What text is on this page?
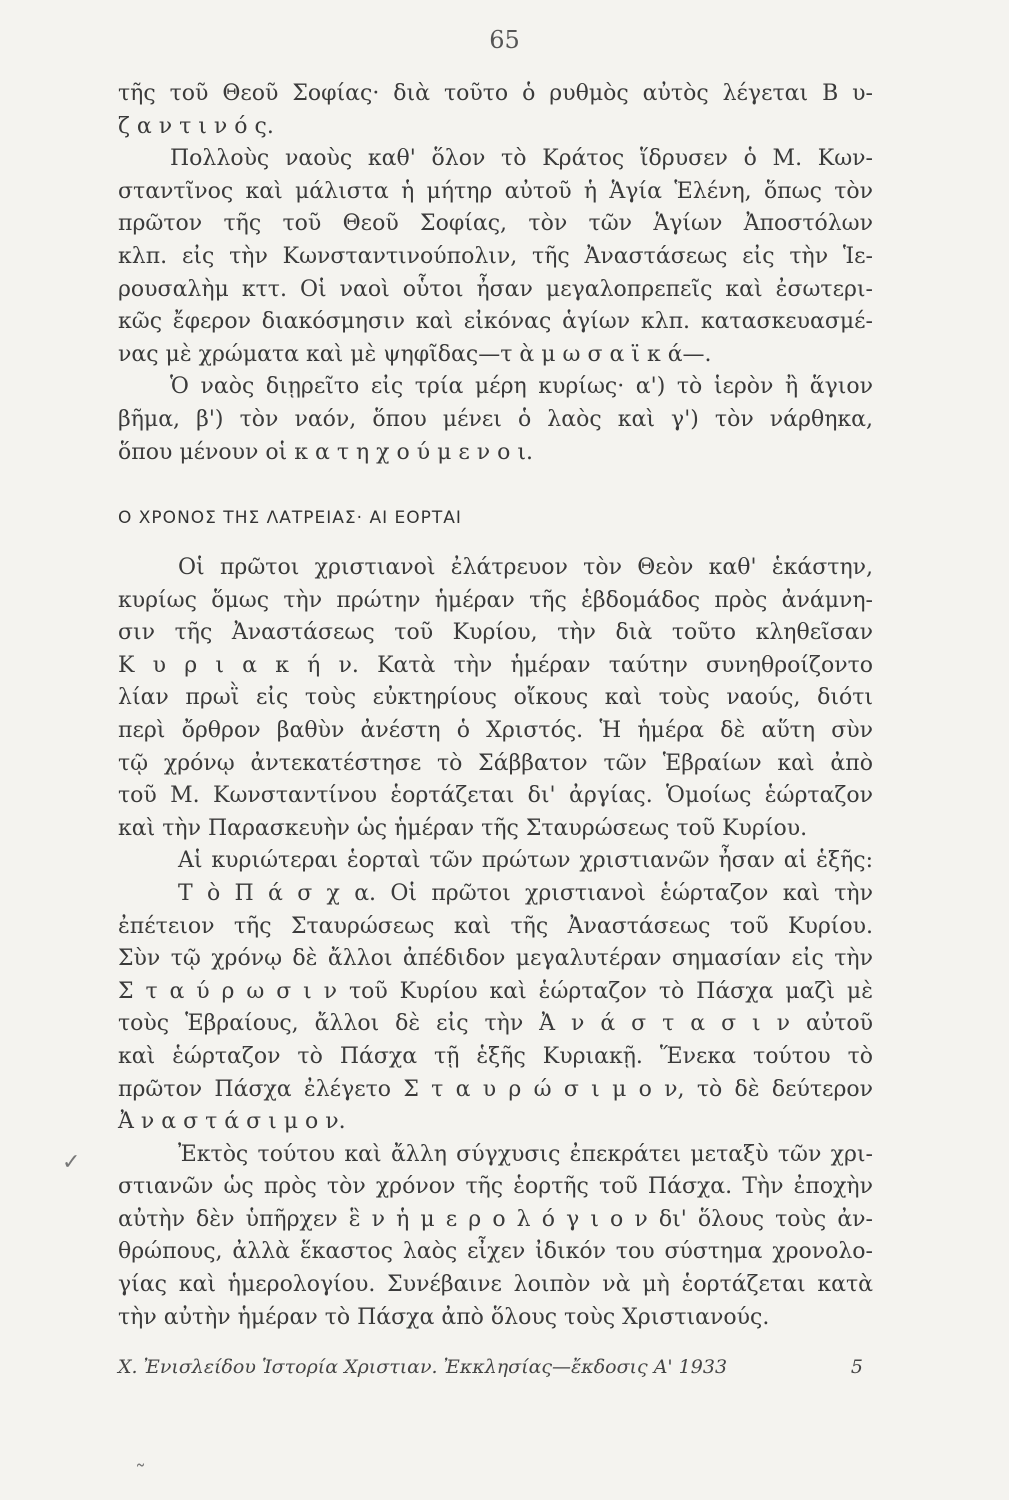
65
τῆς τοῦ Θεοῦ Σοφίας· διὰ τοῦτο ὁ ρυθμὸς αὐτὸς λέγεται Β υ-
ζ α ν τ ι ν ό ς.
Πολλοὺς ναοὺς καθ' ὅλον τὸ Κράτος ἵδρυσεν ὁ Μ. Κων-
σταντῖνος καὶ μάλιστα ἡ μήτηρ αὐτοῦ ἡ Ἁγία Ἑλένη, ὅπως τὸν
πρῶτον τῆς τοῦ Θεοῦ Σοφίας, τὸν τῶν Ἁγίων Ἀποστόλων
κλπ. εἰς τὴν Κωνσταντινούπολιν, τῆς Ἀναστάσεως εἰς τὴν Ἱε-
ρουσαλὴμ κττ. Οἱ ναοὶ οὗτοι ἦσαν μεγαλοπρεπεῖς καὶ ἐσωτερι-
κῶς ἔφερον διακόσμησιν καὶ εἰκόνας ἁγίων κλπ. κατασκευασμέ-
νας μὲ χρώματα καὶ μὲ ψηφῖδας—τ ὰ μ ω σ α ϊ κ ά—.
Ὁ ναὸς διῃρεῖτο εἰς τρία μέρη κυρίως· α') τὸ ἱερὸν ἢ ἅγιον
βῆμα, β') τὸν ναόν, ὅπου μένει ὁ λαὸς καὶ γ') τὸν νάρθηκα,
ὅπου μένουν οἱ κ α τ η χ ο ύ μ ε ν ο ι.
Ο ΧΡΟΝΟΣ ΤΗΣ ΛΑΤΡΕΙΑΣ· ΑΙ ΕΟΡΤΑΙ
Οἱ πρῶτοι χριστιανοὶ ἐλάτρευον τὸν Θεὸν καθ' ἑκάστην,
κυρίως ὅμως τὴν πρώτην ἡμέραν τῆς ἑβδομάδος πρὸς ἀνάμνη-
σιν τῆς Ἀναστάσεως τοῦ Κυρίου, τὴν διὰ τοῦτο κληθεῖσαν
Κ υ ρ ι α κ ή ν. Κατὰ τὴν ἡμέραν ταύτην συνηθροίζοντο
λίαν πρωῒ εἰς τοὺς εὐκτηρίους οἴκους καὶ τοὺς ναούς, διότι
περὶ ὄρθρον βαθὺν ἀνέστη ὁ Χριστός. Ἡ ἡμέρα δὲ αὕτη σὺν
τῷ χρόνῳ ἀντεκατέστησε τὸ Σάββατον τῶν Ἑβραίων καὶ ἀπὸ
τοῦ Μ. Κωνσταντίνου ἑορτάζεται δι' ἀργίας. Ὁμοίως ἑώρταζον
καὶ τὴν Παρασκευὴν ὡς ἡμέραν τῆς Σταυρώσεως τοῦ Κυρίου.
Αἱ κυριώτεραι ἑορταὶ τῶν πρώτων χριστιανῶν ἦσαν αἱ ἑξῆς:
Τ ὸ Π ά σ χ α. Οἱ πρῶτοι χριστιανοὶ ἑώρταζον καὶ τὴν
ἐπέτειον τῆς Σταυρώσεως καὶ τῆς Ἀναστάσεως τοῦ Κυρίου.
Σὺν τῷ χρόνῳ δὲ ἄλλοι ἀπέδιδον μεγαλυτέραν σημασίαν εἰς τὴν
Σ τ α ύ ρ ω σ ι ν τοῦ Κυρίου καὶ ἑώρταζον τὸ Πάσχα μαζὶ μὲ
τοὺς Ἑβραίους, ἄλλοι δὲ εἰς τὴν Ἀ ν ά σ τ α σ ι ν αὐτοῦ
καὶ ἑώρταζον τὸ Πάσχα τῇ ἑξῆς Κυριακῇ. Ἕνεκα τούτου τὸ
πρῶτον Πάσχα ἐλέγετο Σ τ α υ ρ ώ σ ι μ ο ν, τὸ δὲ δεύτερον
Ἀ ν α σ τ ά σ ι μ ο ν.
Ἐκτὸς τούτου καὶ ἄλλη σύγχυσις ἐπεκράτει μεταξὺ τῶν χρι-
στιανῶν ὡς πρὸς τὸν χρόνον τῆς ἑορτῆς τοῦ Πάσχα. Τὴν ἐποχὴν
αὐτὴν δὲν ὑπῆρχεν ἓ ν ἡ μ ε ρ ο λ ό γ ι ο ν δι' ὅλους τοὺς ἀν-
θρώπους, ἀλλὰ ἕκαστος λαὸς εἶχεν ἰδικόν του σύστημα χρονολο-
γίας καὶ ἡμερολογίου. Συνέβαινε λοιπὸν νὰ μὴ ἑορτάζεται κατὰ
τὴν αὐτὴν ἡμέραν τὸ Πάσχα ἀπὸ ὅλους τοὺς Χριστιανούς.
Χ. Ἐνισλείδου Ἱστορία Χριστιαν. Ἐκκλησίας—ἔκδοσις Α' 1933	5
✓
˜
